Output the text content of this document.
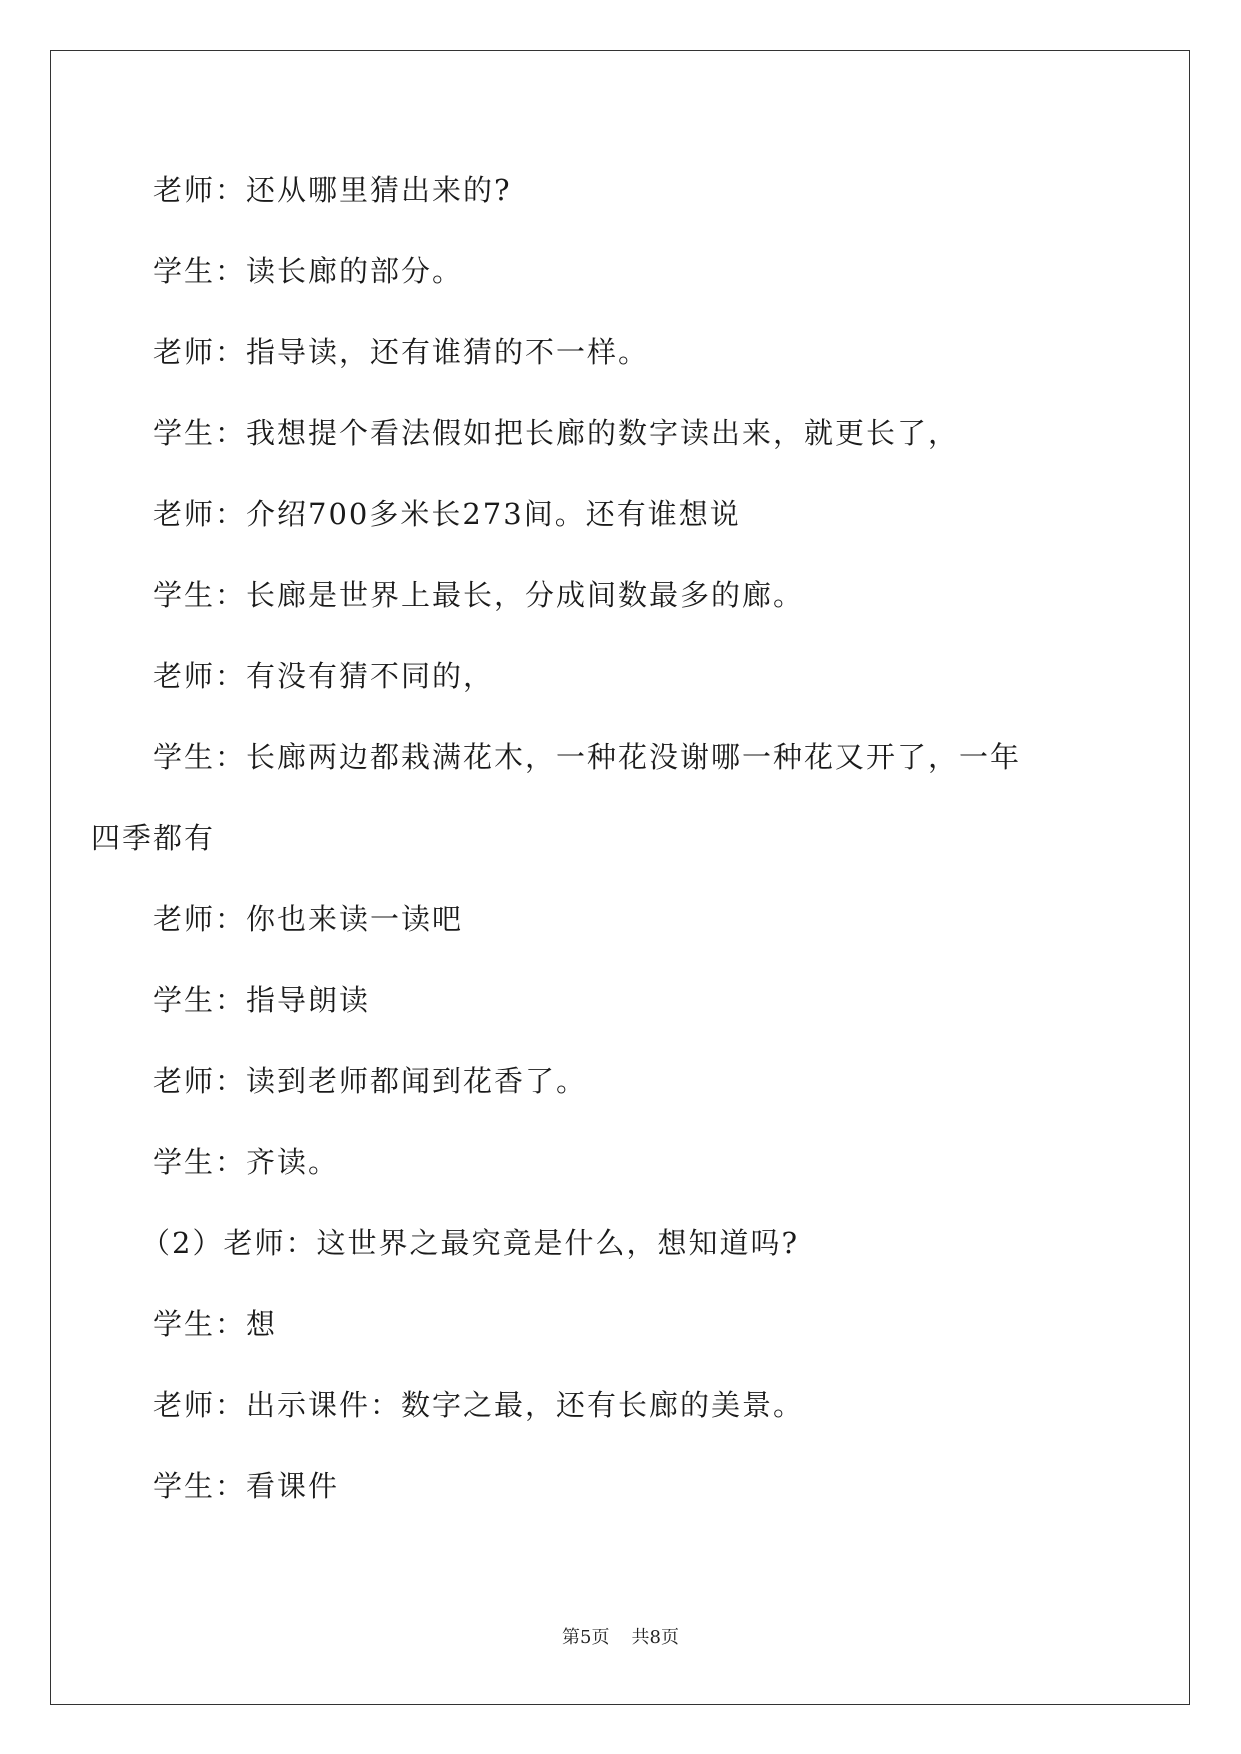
老师：还从哪里猜出来的?
学生：读长廊的部分。
老师：指导读，还有谁猜的不一样。
学生：我想提个看法假如把长廊的数字读出来，就更长了，
老师：介绍700多米长273间。还有谁想说
学生：长廊是世界上最长，分成间数最多的廊。
老师：有没有猜不同的，
学生：长廊两边都栽满花木，一种花没谢哪一种花又开了，一年
四季都有
老师：你也来读一读吧
学生：指导朗读
老师：读到老师都闻到花香了。
学生：齐读。
（2）老师：这世界之最究竟是什么，想知道吗?
学生：想
老师：出示课件：数字之最，还有长廊的美景。
学生：看课件
第5页 共8页
